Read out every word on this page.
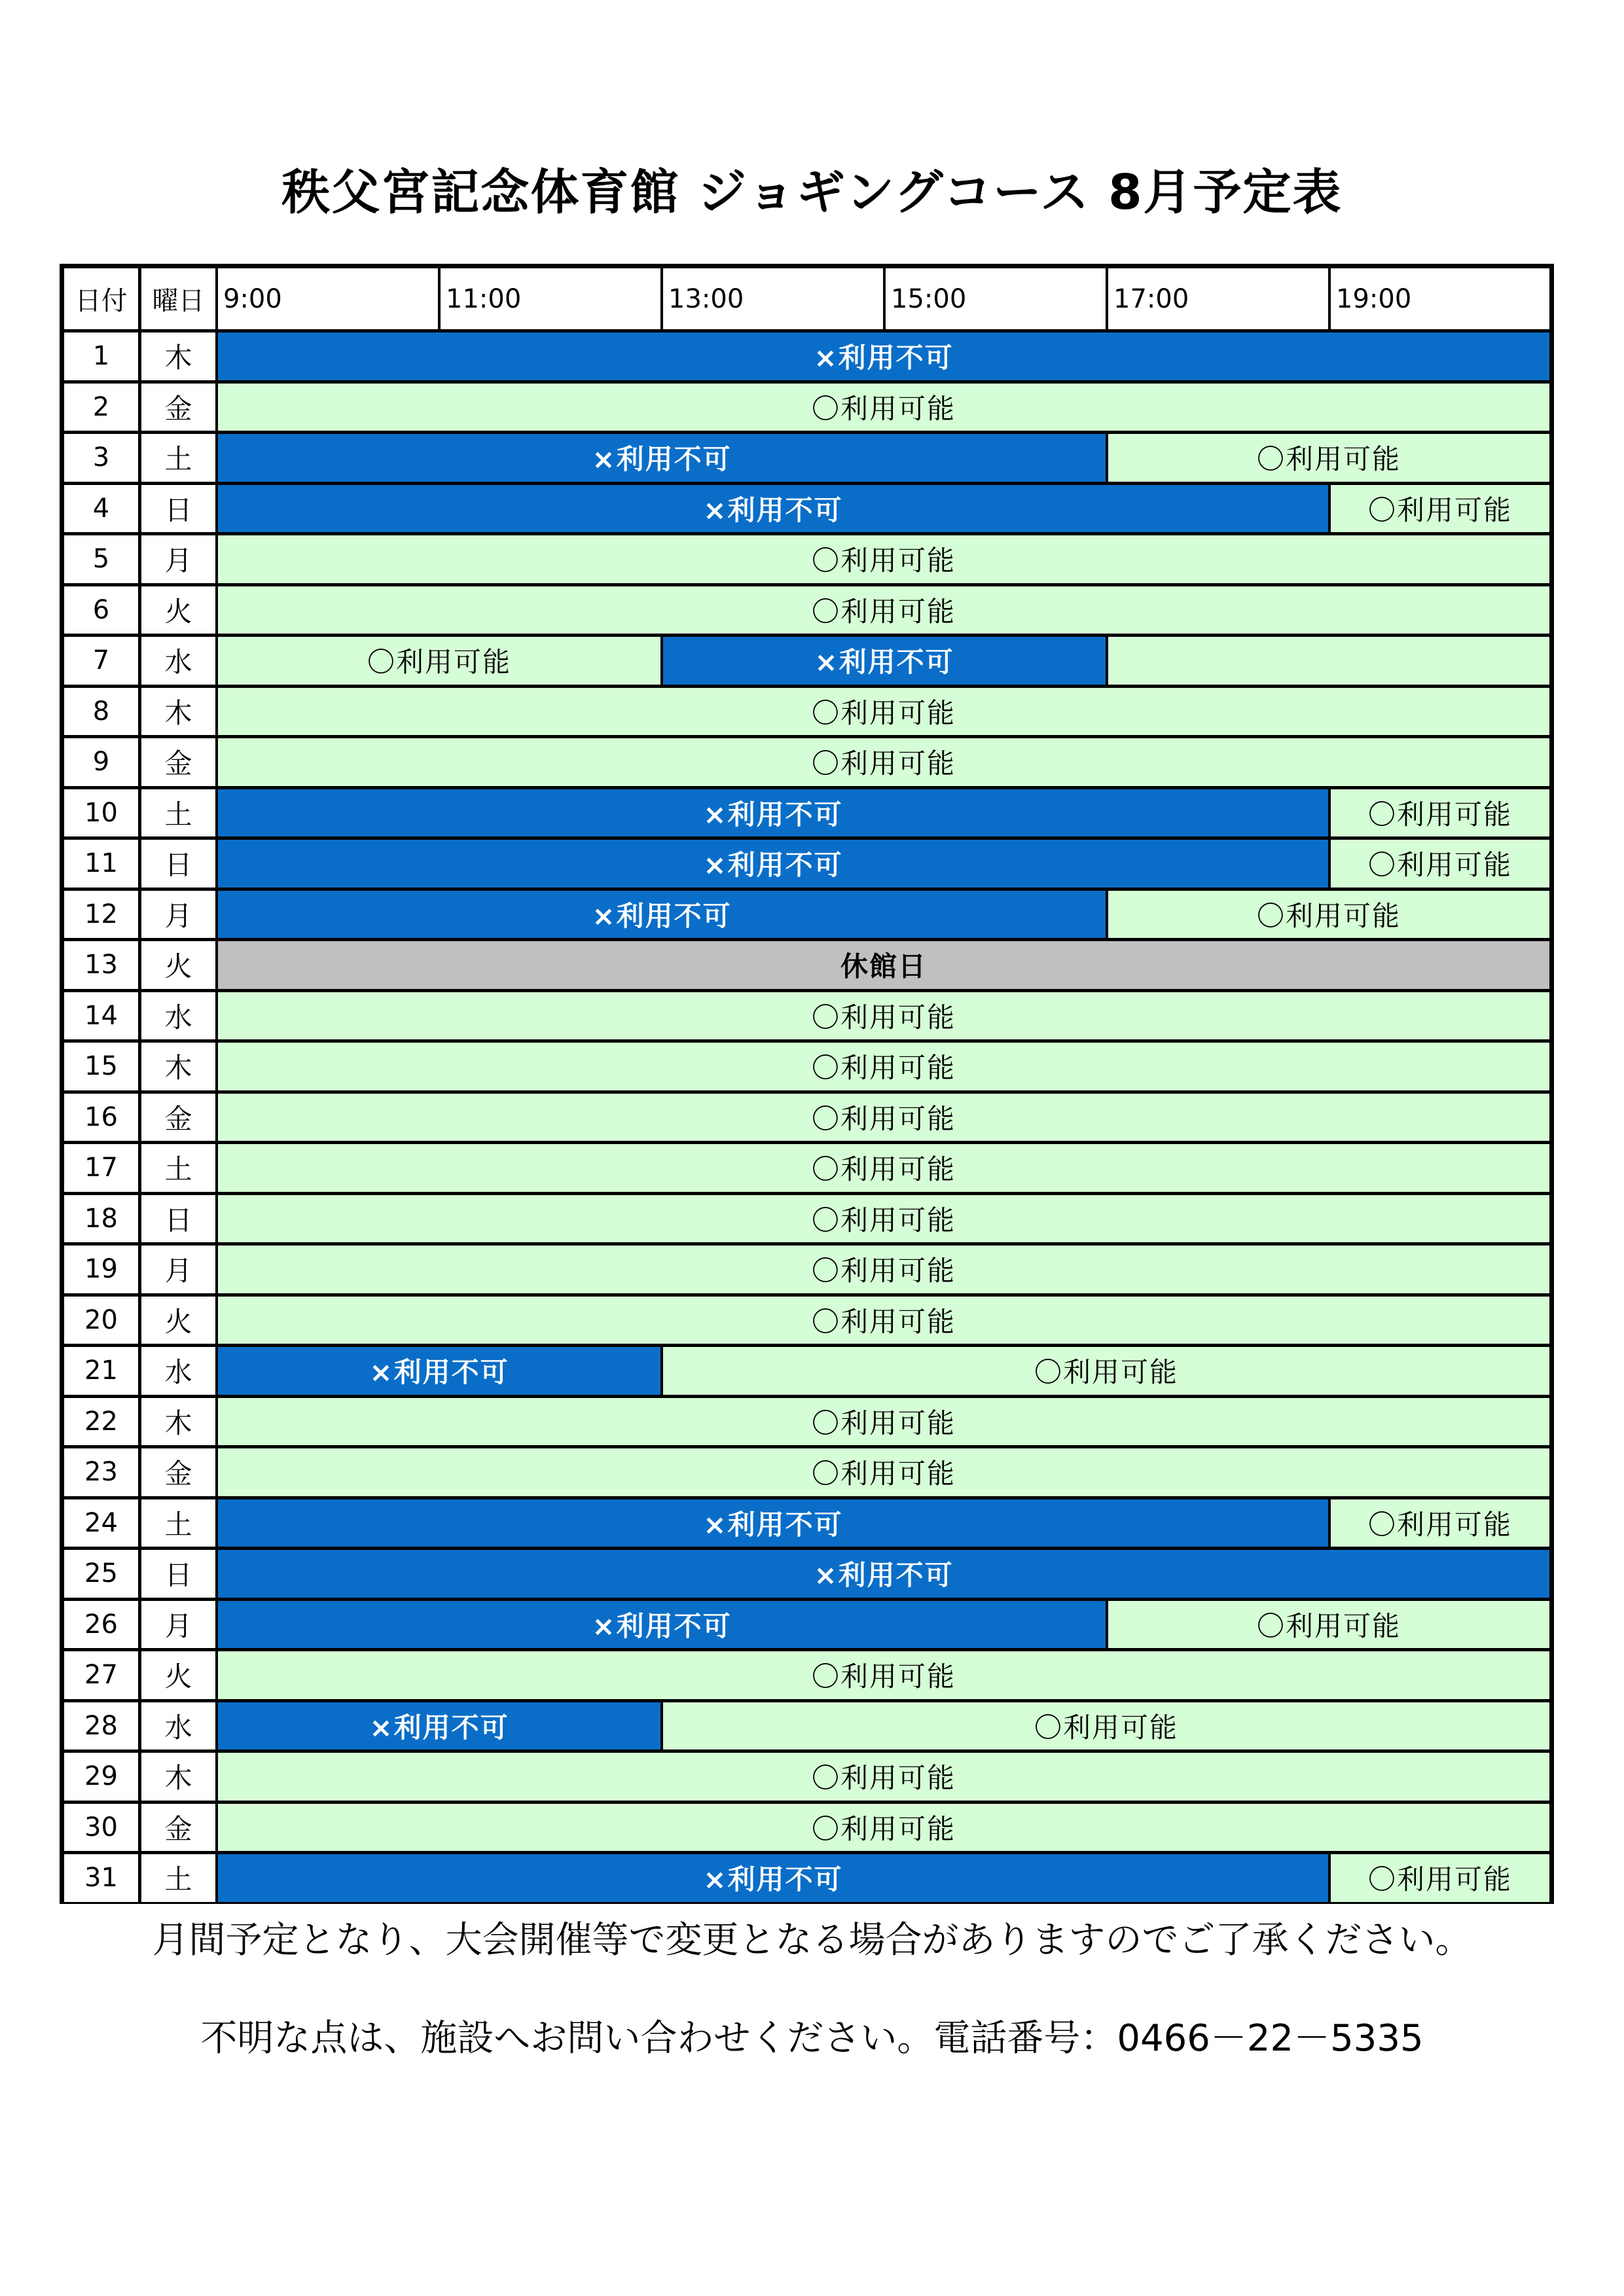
秩父宮記念体育館 ジョギングコース 8月予定表
日付 曜日 9:00	11:00	13:00	15:00	17:00	19:00
1	木	×利用不可
2	金	〇利用可能
3	土	×利用不可	〇利用可能
4	日	×利用不可	〇利用可能
5	月	〇利用可能
6	火	〇利用可能
7	水	〇利用可能	×利用不可
8	木	〇利用可能
9	金	〇利用可能
10	土	×利用不可	〇利用可能
11	日	×利用不可	〇利用可能
12	月	×利用不可	〇利用可能
13	火	休館日
14	水	〇利用可能
15	木	〇利用可能
16	金	〇利用可能
17	土	〇利用可能
18	日	〇利用可能
19	月	〇利用可能
20	火	〇利用可能
21	水	×利用不可	〇利用可能
22	木	〇利用可能
23	金	〇利用可能
24	土	×利用不可	〇利用可能
25	日	×利用不可
26	月	×利用不可	〇利用可能
27	火	〇利用可能
28	水	×利用不可	〇利用可能
29	木	〇利用可能
30	金	〇利用可能
31	土	×利用不可	〇利用可能
月間予定となり、大会開催等で変更となる場合がありますのでご了承ください。
不明な点は、施設へお問い合わせください。電話番号：0466－22－5335
